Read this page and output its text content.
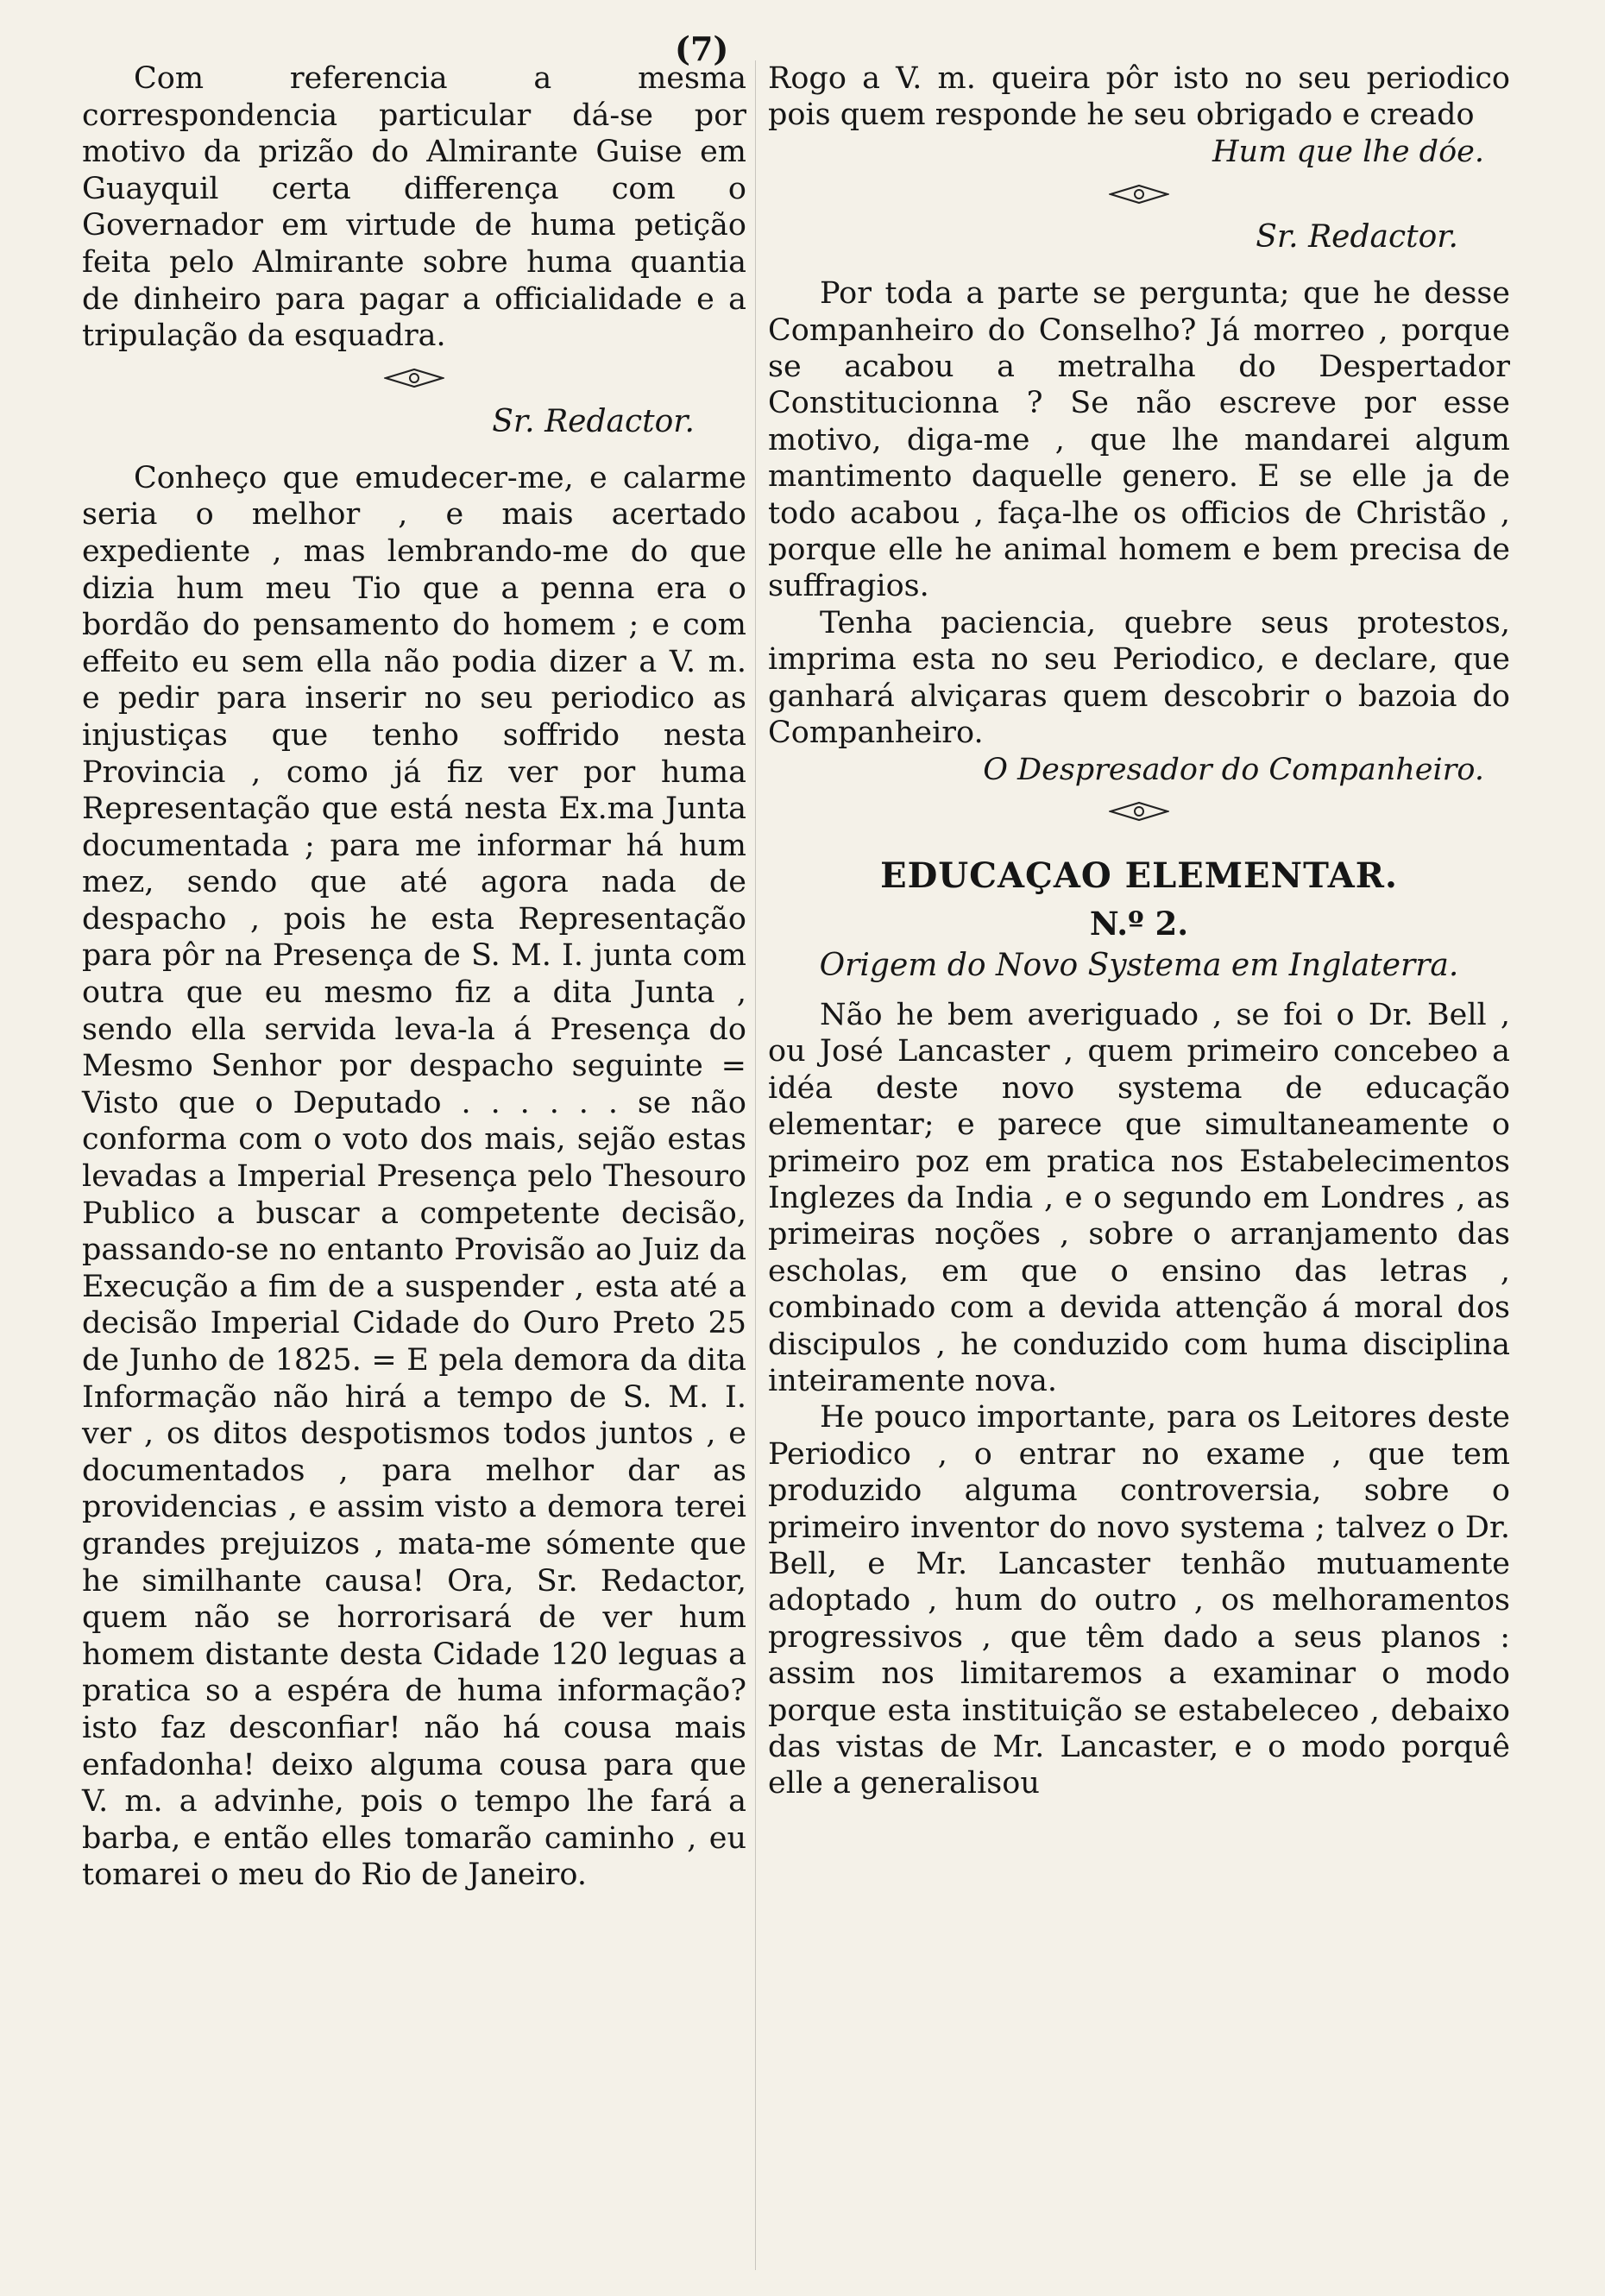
(7)

Com referencia a mesma correspondencia particular dá-se por motivo da prizão do Almirante Guise em Guayquil certa differença com o Governador em virtude de huma petição feita pelo Almirante sobre huma quantia de dinheiro para pagar a officialidade e a tripulação da esquadra.

Sr. Redactor.

Conheço que emudecer-me, e calarme seria o melhor , e mais acertado expediente , mas lembrando-me do que dizia hum meu Tio que a penna era o bordão do pensamento do homem ; e com effeito eu sem ella não podia dizer a V. m. e pedir para inserir no seu periodico as injustiças que tenho soffrido nesta Provincia , como já fiz ver por huma Representação que está nesta Ex.ma Junta documentada ; para me informar há hum mez, sendo que até agora nada de despacho , pois he esta Representação para pôr na Presença de S. M. I. junta com outra que eu mesmo fiz a dita Junta , sendo ella servida leva-la á Presença do Mesmo Senhor por despacho seguinte = Visto que o Deputado . . . . . . se não conforma com o voto dos mais, sejão estas levadas a Imperial Presença pelo Thesouro Publico a buscar a competente decisão, passando-se no entanto Provisão ao Juiz da Execução a fim de a suspender , esta até a decisão Imperial Cidade do Ouro Preto 25 de Junho de 1825. = E pela demora da dita Informação não hirá a tempo de S. M. I. ver , os ditos despotismos todos juntos , e documentados , para melhor dar as providencias , e assim visto a demora terei grandes prejuizos , mata-me sómente que he similhante causa! Ora, Sr. Redactor, quem não se horrorisará de ver hum homem distante desta Cidade 120 leguas a pratica so a espéra de huma informação? isto faz desconfiar! não há cousa mais enfadonha! deixo alguma cousa para que V. m. a advinhe, pois o tempo lhe fará a barba, e então elles tomarão caminho , eu tomarei o meu do Rio de Janeiro.

Rogo a V. m. queira pôr isto no seu periodico pois quem responde he seu obrigado e creado

Hum que lhe dóe.

Sr. Redactor.

Por toda a parte se pergunta; que he desse Companheiro do Conselho? Já morreo , porque se acabou a metralha do Despertador Constitucionna ? Se não escreve por esse motivo, diga-me , que lhe mandarei algum mantimento daquelle genero. E se elle ja de todo acabou , faça-lhe os officios de Christão , porque elle he animal homem e bem precisa de suffragios.

Tenha paciencia, quebre seus protestos, imprima esta no seu Periodico, e declare, que ganhará alviçaras quem descobrir o bazoia do Companheiro.

O Despresador do Companheiro.

EDUCAÇAO ELEMENTAR.
N.º 2.
Origem do Novo Systema em Inglaterra.

Não he bem averiguado , se foi o Dr. Bell , ou José Lancaster , quem primeiro concebeo a idéa deste novo systema de educação elementar; e parece que simultaneamente o primeiro poz em pratica nos Estabelecimentos Inglezes da India , e o segundo em Londres , as primeiras noções , sobre o arranjamento das escholas, em que o ensino das letras , combinado com a devida attenção á moral dos discipulos , he conduzido com huma disciplina inteiramente nova.

He pouco importante, para os Leitores deste Periodico , o entrar no exame , que tem produzido alguma controversia, sobre o primeiro inventor do novo systema ; talvez o Dr. Bell, e Mr. Lancaster tenhão mutuamente adoptado , hum do outro , os melhoramentos progressivos , que têm dado a seus planos : assim nos limitaremos a examinar o modo porque esta instituição se estabeleceo , debaixo das vistas de Mr. Lancaster, e o modo porquê elle a generalisou
